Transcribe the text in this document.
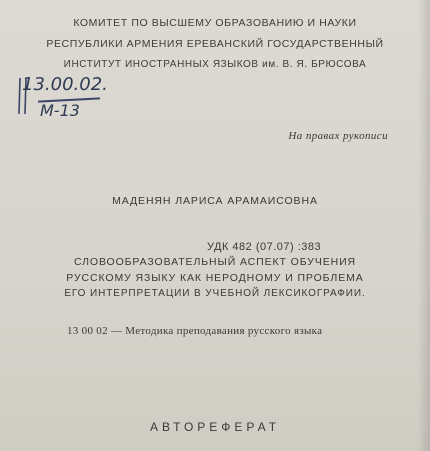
КОМИТЕТ ПО ВЫСШЕМУ ОБРАЗОВАНИЮ И НАУКИ
РЕСПУБЛИКИ АРМЕНИЯ ЕРЕВАНСКИЙ ГОСУДАРСТВЕННЫЙ
ИНСТИТУТ ИНОСТРАННЫХ ЯЗЫКОВ им. В. Я. БРЮСОВА
13.00.02.
М-13
На правах рукописи
МАДЕНЯН ЛАРИСА АРАМАИСОВНА
УДК 482 (07.07) :383
СЛОВООБРАЗОВАТЕЛЬНЫЙ АСПЕКТ ОБУЧЕНИЯ
РУССКОМУ ЯЗЫКУ КАК НЕРОДНОМУ И ПРОБЛЕМА
ЕГО ИНТЕРПРЕТАЦИИ В УЧЕБНОЙ ЛЕКСИКОГРАФИИ.
13 00 02 — Методика преподавания русского языка
АВТОРЕФЕРАТ
